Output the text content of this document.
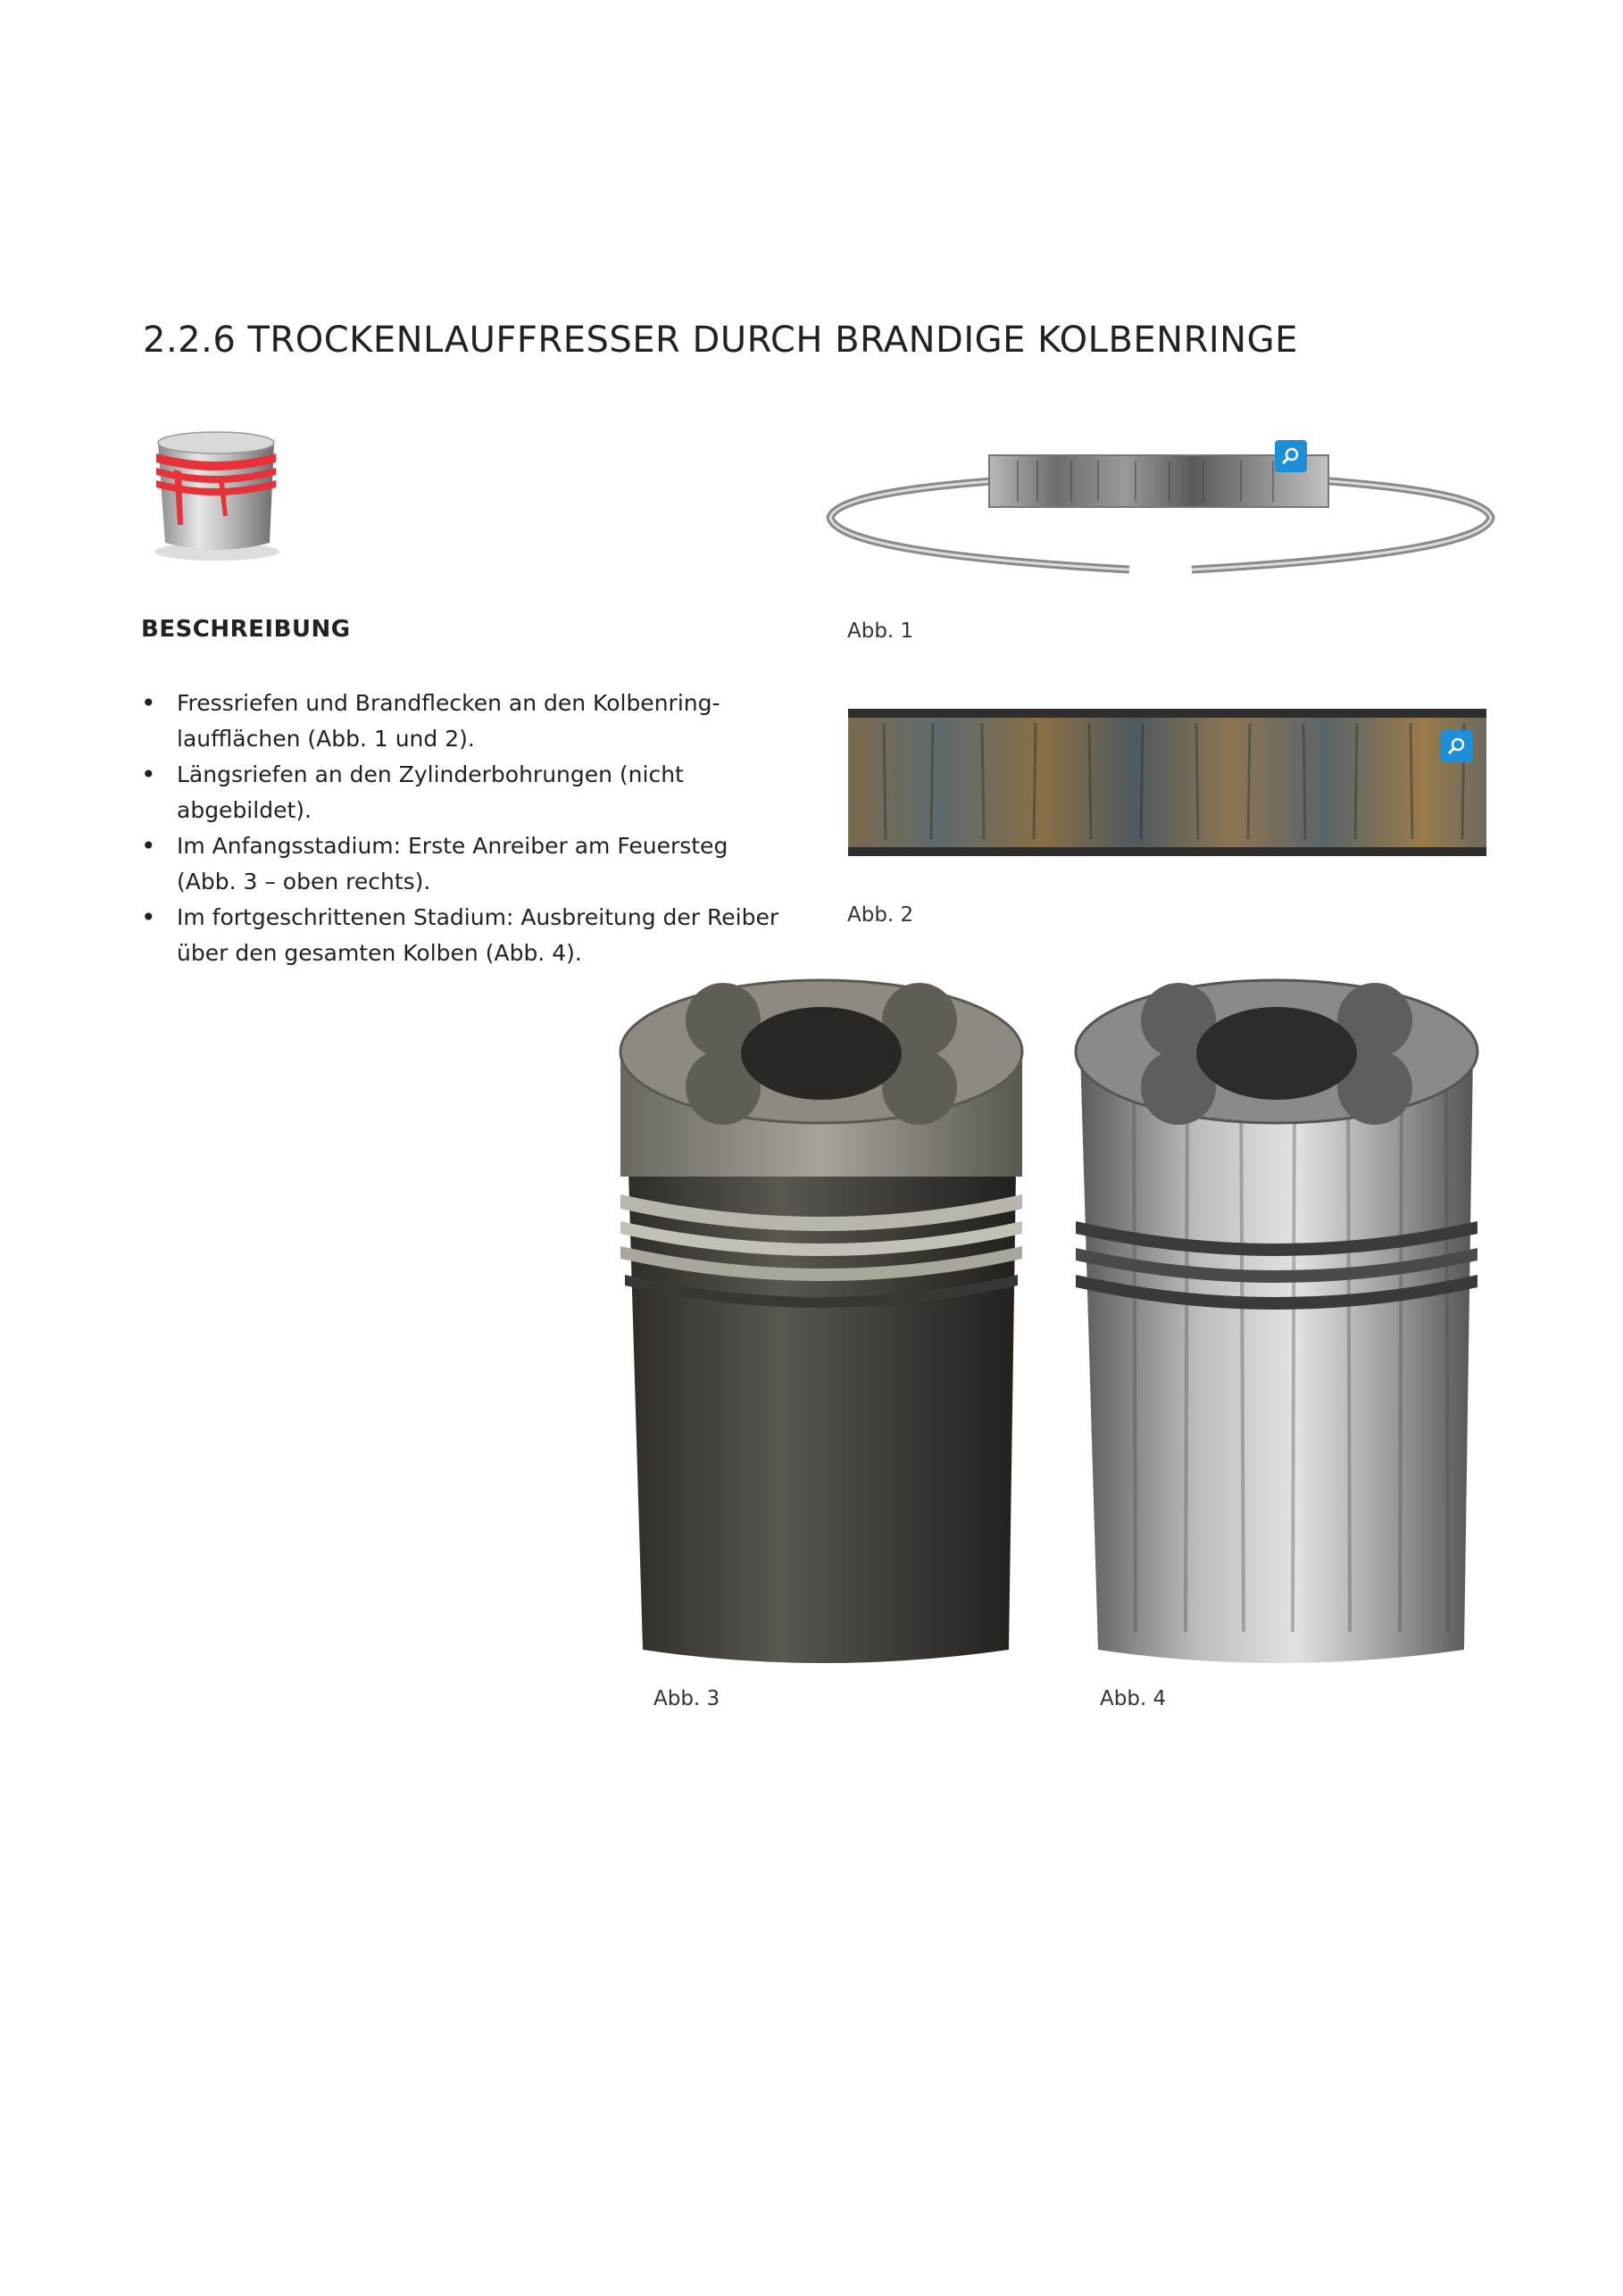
2.2.6 TROCKENLAUFFRESSER DURCH BRANDIGE KOLBENRINGE
BESCHREIBUNG
• Fressriefen und Brandflecken an den Kolbenring-laufflächen (Abb. 1 und 2).
• Längsriefen an den Zylinderbohrungen (nicht abgebildet).
• Im Anfangsstadium: Erste Anreiber am Feuersteg (Abb. 3 – oben rechts).
• Im fortgeschrittenen Stadium: Ausbreitung der Reiber über den gesamten Kolben (Abb. 4).
Abb. 1
Abb. 2
Abb. 3	Abb. 4
